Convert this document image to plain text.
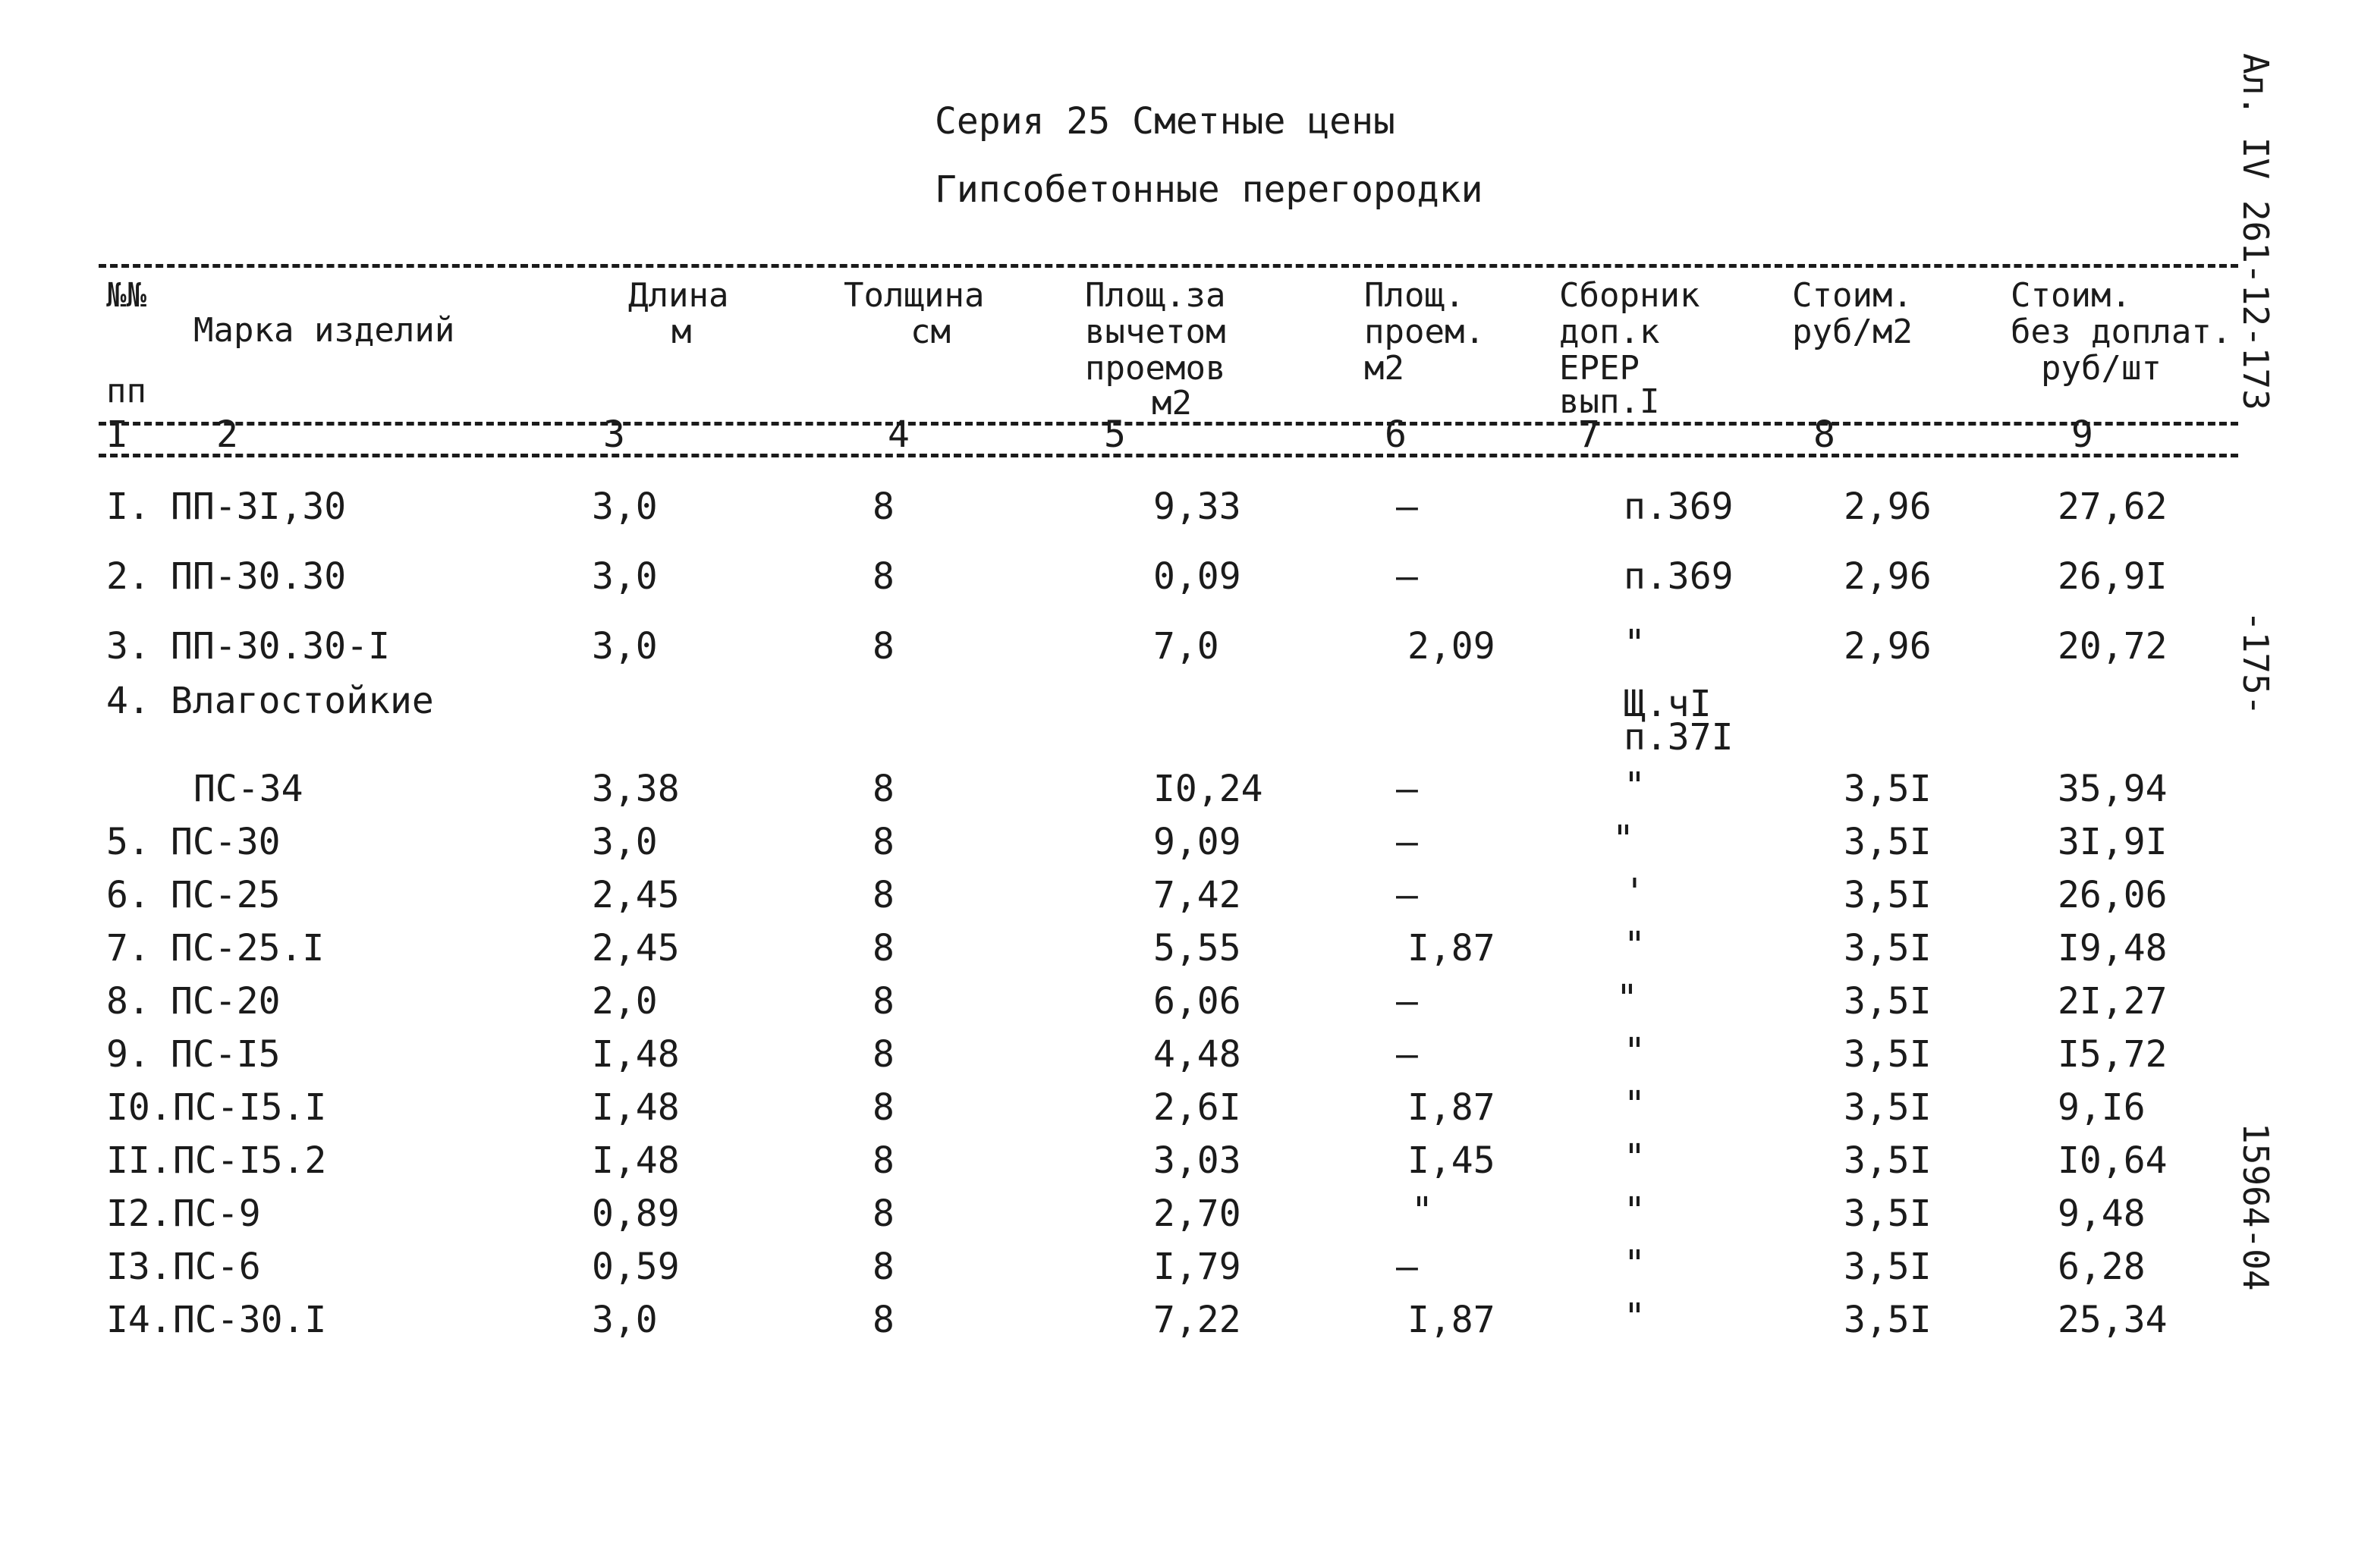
Серия 25 Сметные цены
Гипсобетонные перегородки	Ал. IV 261-12-173
-175-
15964-04
№№
пп
Марка изделий
Длина
м
Толщина
см
Площ.за
вычетом
проемов
м2
Площ.
проем.
м2
Сборник
доп.к
ЕРЕР
вып.I
Стоим.
руб/м2
Стоим.
без доплат.
руб/шт
I 2	3	4	5	6	7	8	9
I. ПП-3I,30	3,0	8	9,33	–	п.369	2,96	27,62
2. ПП-30.30	3,0	8	0,09	–	п.369	2,96	26,9I
3. ПП-30.30-I	3,0	8	7,0	2,09	"	2,96	20,72
4. Влагостойкие	Щ.чI
п.37I
ПС-34	3,38	8	I0,24	–	"	3,5I	35,94
5. ПС-30	3,0	8	9,09	–	"	3,5I	3I,9I
6. ПС-25	2,45	8	7,42	–	'	3,5I	26,06
7. ПС-25.I	2,45	8	5,55	I,87	"	3,5I	I9,48
8. ПС-20	2,0	8	6,06	–	"	3,5I	2I,27
9. ПС-I5	I,48	8	4,48	–	"	3,5I	I5,72
I0. ПС-I5.I	I,48	8	2,6I	I,87	"	3,5I	9,I6
II. ПС-I5.2	I,48	8	3,03	I,45	"	3,5I	I0,64
I2. ПС-9	0,89	8	2,70	"	"	3,5I	9,48
I3. ПС-6	0,59	8	I,79	–	"	3,5I	6,28
I4. ПС-30.I	3,0	8	7,22	I,87	"	3,5I	25,34
